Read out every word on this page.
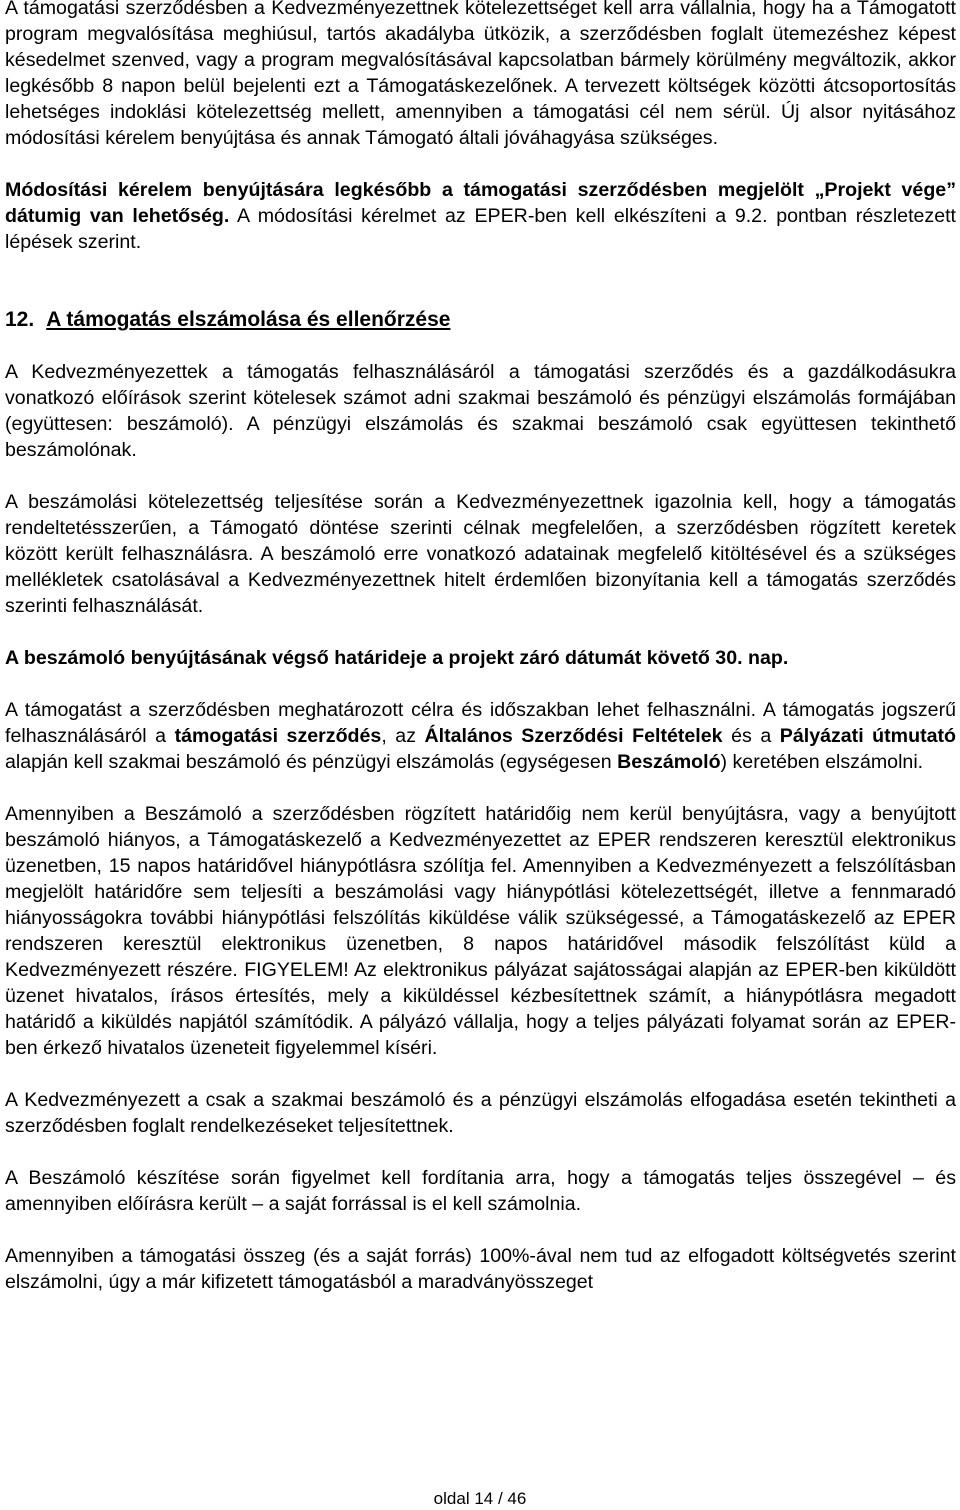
A támogatási szerződésben a Kedvezményezettnek kötelezettséget kell arra vállalnia, hogy ha a Támogatott program megvalósítása meghiúsul, tartós akadályba ütközik, a szerződésben foglalt ütemezéshez képest késedelmet szenved, vagy a program megvalósításával kapcsolatban bármely körülmény megváltozik, akkor legkésőbb 8 napon belül bejelenti ezt a Támogatáskezelőnek. A tervezett költségek közötti átcsoportosítás lehetséges indoklási kötelezettség mellett, amennyiben a támogatási cél nem sérül. Új alsor nyitásához módosítási kérelem benyújtása és annak Támogató általi jóváhagyása szükséges.

Módosítási kérelem benyújtására legkésőbb a támogatási szerződésben megjelölt „Projekt vége” dátumig van lehetőség. A módosítási kérelmet az EPER-ben kell elkészíteni a 9.2. pontban részletezett lépések szerint.

12. A támogatás elszámolása és ellenőrzése

A Kedvezményezettek a támogatás felhasználásáról a támogatási szerződés és a gazdálkodásukra vonatkozó előírások szerint kötelesek számot adni szakmai beszámoló és pénzügyi elszámolás formájában (együttesen: beszámoló). A pénzügyi elszámolás és szakmai beszámoló csak együttesen tekinthető beszámolónak.

A beszámolási kötelezettség teljesítése során a Kedvezményezettnek igazolnia kell, hogy a támogatás rendeltetésszerűen, a Támogató döntése szerinti célnak megfelelően, a szerződésben rögzített keretek között került felhasználásra. A beszámoló erre vonatkozó adatainak megfelelő kitöltésével és a szükséges mellékletek csatolásával a Kedvezményezettnek hitelt érdemlően bizonyítania kell a támogatás szerződés szerinti felhasználását.

A beszámoló benyújtásának végső határideje a projekt záró dátumát követő 30. nap.

A támogatást a szerződésben meghatározott célra és időszakban lehet felhasználni. A támogatás jogszerű felhasználásáról a támogatási szerződés, az Általános Szerződési Feltételek és a Pályázati útmutató alapján kell szakmai beszámoló és pénzügyi elszámolás (egységesen Beszámoló) keretében elszámolni.

Amennyiben a Beszámoló a szerződésben rögzített határidőig nem kerül benyújtásra, vagy a benyújtott beszámoló hiányos, a Támogatáskezelő a Kedvezményezettet az EPER rendszeren keresztül elektronikus üzenetben, 15 napos határidővel hiánypótlásra szólítja fel. Amennyiben a Kedvezményezett a felszólításban megjelölt határidőre sem teljesíti a beszámolási vagy hiánypótlási kötelezettségét, illetve a fennmaradó hiányosságokra további hiánypótlási felszólítás kiküldése válik szükségessé, a Támogatáskezelő az EPER rendszeren keresztül elektronikus üzenetben, 8 napos határidővel második felszólítást küld a Kedvezményezett részére. FIGYELEM! Az elektronikus pályázat sajátosságai alapján az EPER-ben kiküldött üzenet hivatalos, írásos értesítés, mely a kiküldéssel kézbesítettnek számít, a hiánypótlásra megadott határidő a kiküldés napjától számítódik. A pályázó vállalja, hogy a teljes pályázati folyamat során az EPER-ben érkező hivatalos üzeneteit figyelemmel kíséri.

A Kedvezményezett a csak a szakmai beszámoló és a pénzügyi elszámolás elfogadása esetén tekintheti a szerződésben foglalt rendelkezéseket teljesítettnek.

A Beszámoló készítése során figyelmet kell fordítania arra, hogy a támogatás teljes összegével – és amennyiben előírásra került – a saját forrással is el kell számolnia.

Amennyiben a támogatási összeg (és a saját forrás) 100%-ával nem tud az elfogadott költségvetés szerint elszámolni, úgy a már kifizetett támogatásból a maradványösszeget

oldal 14 / 46
